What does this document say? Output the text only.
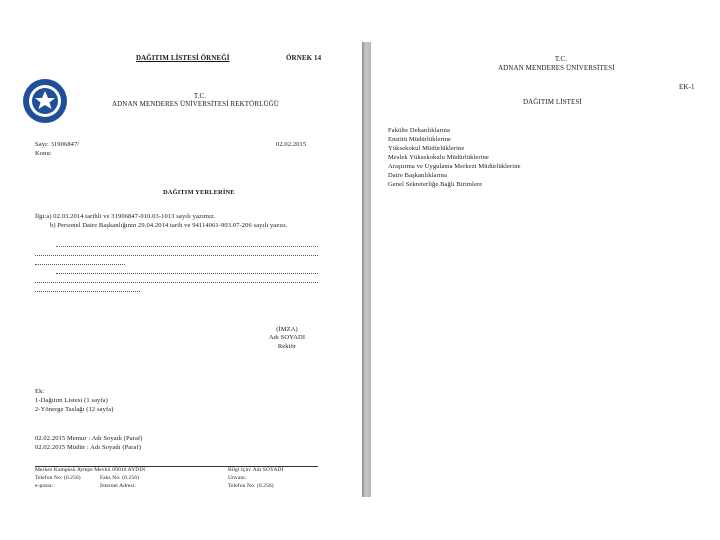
DAĞITIM LİSTESİ ÖRNEĞİ	ÖRNEK 14
T.C.
ADNAN MENDERES ÜNİVERSİTESİ REKTÖRLÜĞÜ
Sayı: 31906847/	02.02.2015
Konu:
DAĞITIM YERLERİNE
İlgi:a) 02.03.2014 tarihli ve 31906847-010.03-1013 sayılı yazımız.
b) Personel Daire Başkanlığının 29.04.2014 tarih ve 94114061-903.07-206 sayılı yazısı.
(İMZA)
Adı SOYADI
Rektör
Ek:
1-Dağıtım Listesi (1 sayfa)
2-Yönerge Taslağı (12 sayfa)
02.02.2015 Memur : Adı Soyadı (Paraf)
02.02.2015 Müdür : Adı Soyadı (Paraf)
Merkez Kampüsü Aytepe Mevkii 09010 AYDIN
Telefon No: (0.256)
e-posta:
Faks No: (0.256)
İnternet Adresi:
Bilgi İçin: Adı SOYADI
Unvanı:
Telefon No: (0.256)
T.C.
ADNAN MENDERES ÜNİVERSİTESİ
EK-1
DAĞITIM LİSTESİ
Fakülte Dekanlıklarına
Enstitü Müdürlüklerine
Yüksekokul Müdürlüklerine
Meslek Yüksekokulu Müdürlüklerine
Araştırma ve Uygulama Merkezi Müdürlüklerine
Daire Başkanlıklarına
Genel Sekreterliğe Bağlı Birimlere
